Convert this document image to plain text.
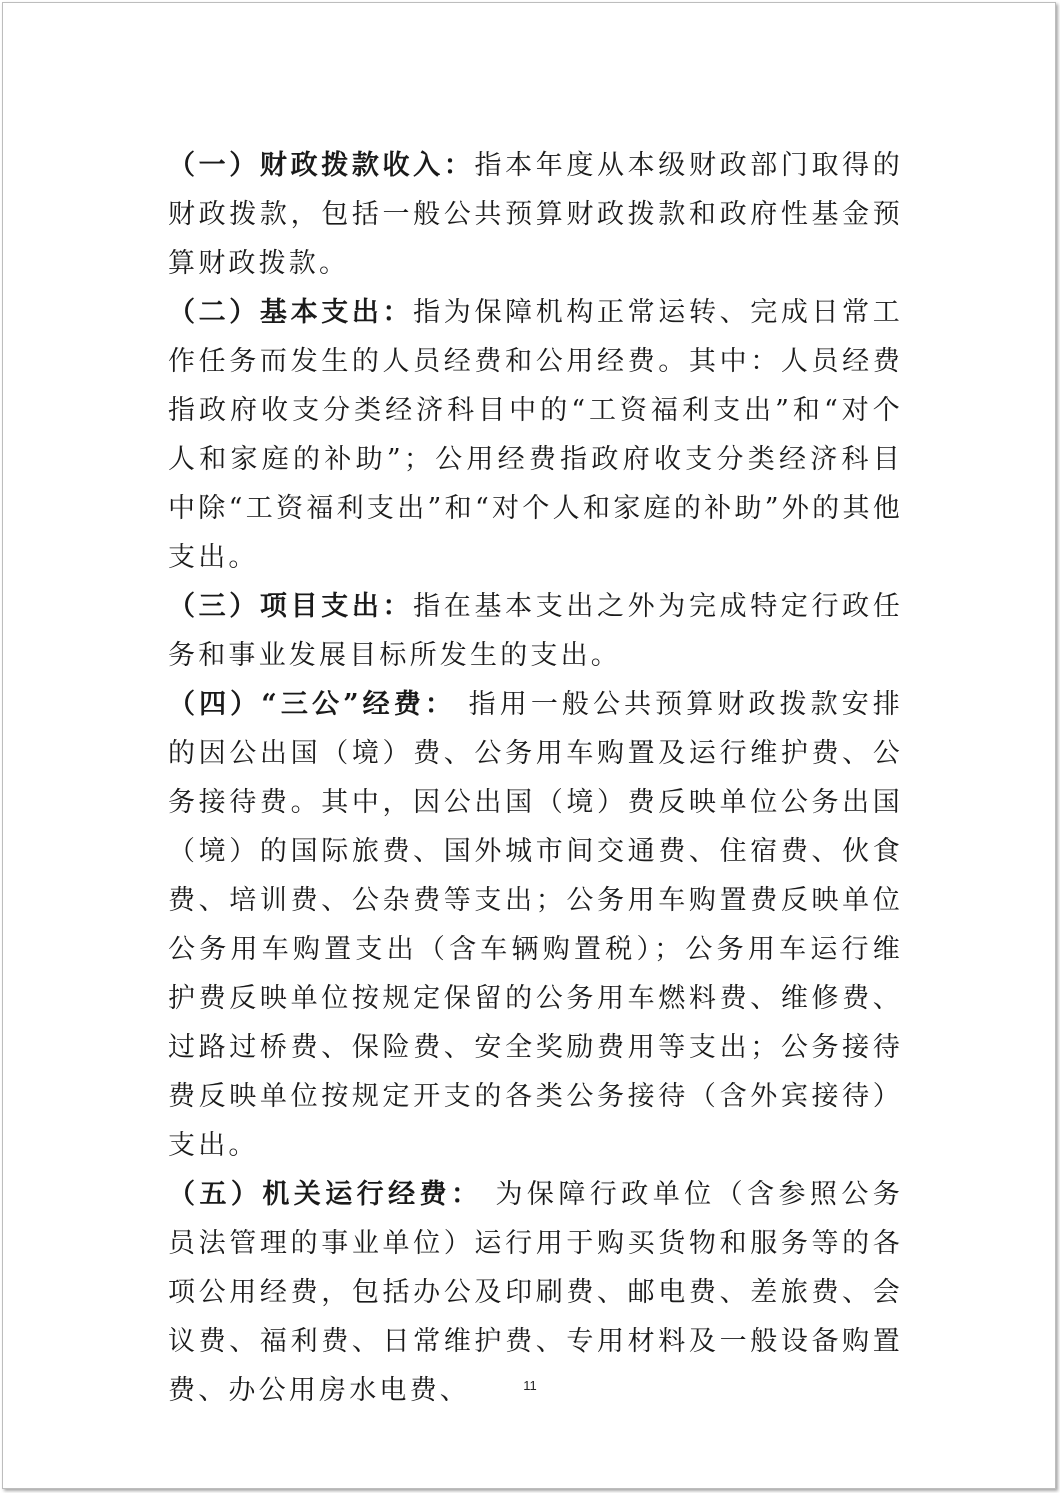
（一）财政拨款收入：指本年度从本级财政部门取得的财政拨款，包括一般公共预算财政拨款和政府性基金预算财政拨款。

（二）基本支出：指为保障机构正常运转、完成日常工作任务而发生的人员经费和公用经费。其中：人员经费指政府收支分类经济科目中的“工资福利支出”和“对个人和家庭的补助”；公用经费指政府收支分类经济科目中除“工资福利支出”和“对个人和家庭的补助”外的其他支出。

（三）项目支出：指在基本支出之外为完成特定行政任务和事业发展目标所发生的支出。

（四）“三公”经费： 指用一般公共预算财政拨款安排的因公出国（境）费、公务用车购置及运行维护费、公务接待费。其中，因公出国（境）费反映单位公务出国（境）的国际旅费、国外城市间交通费、住宿费、伙食费、培训费、公杂费等支出；公务用车购置费反映单位公务用车购置支出（含车辆购置税）；公务用车运行维护费反映单位按规定保留的公务用车燃料费、维修费、过路过桥费、保险费、安全奖励费用等支出；公务接待费反映单位按规定开支的各类公务接待（含外宾接待）支出。

（五）机关运行经费： 为保障行政单位（含参照公务员法管理的事业单位）运行用于购买货物和服务等的各项公用经费，包括办公及印刷费、邮电费、差旅费、会议费、福利费、日常维护费、专用材料及一般设备购置费、办公用房水电费、	11
